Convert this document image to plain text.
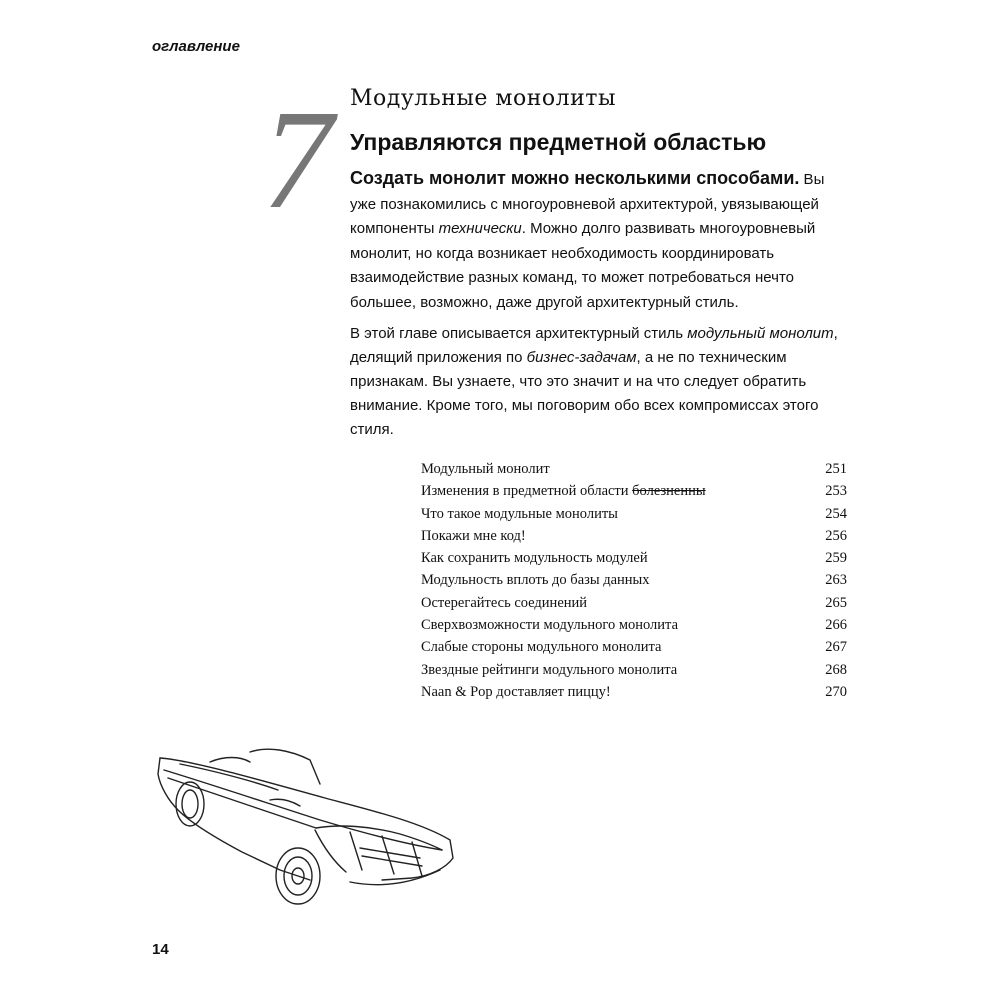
оглавление
7 Модульные монолиты
Управляются предметной областью
Создать монолит можно несколькими способами. Вы уже познакомились с многоуровневой архитектурой, увязывающей компоненты технически. Можно долго развивать многоуровневый монолит, но когда возникает необходимость координировать взаимодействие разных команд, то может потребоваться нечто большее, возможно, даже другой архитектурный стиль.
В этой главе описывается архитектурный стиль модульный монолит, делящий приложения по бизнес-задачам, а не по техническим признакам. Вы узнаете, что это значит и на что следует обратить внимание. Кроме того, мы поговорим обо всех компромиссах этого стиля.
Модульный монолит	251
Изменения в предметной области болезненны	253
Что такое модульные монолиты	254
Покажи мне код!	256
Как сохранить модульность модулей	259
Модульность вплоть до базы данных	263
Остерегайтесь соединений	265
Сверхвозможности модульного монолита	266
Слабые стороны модульного монолита	267
Звездные рейтинги модульного монолита	268
Naan & Pop доставляет пиццу!	270
14
